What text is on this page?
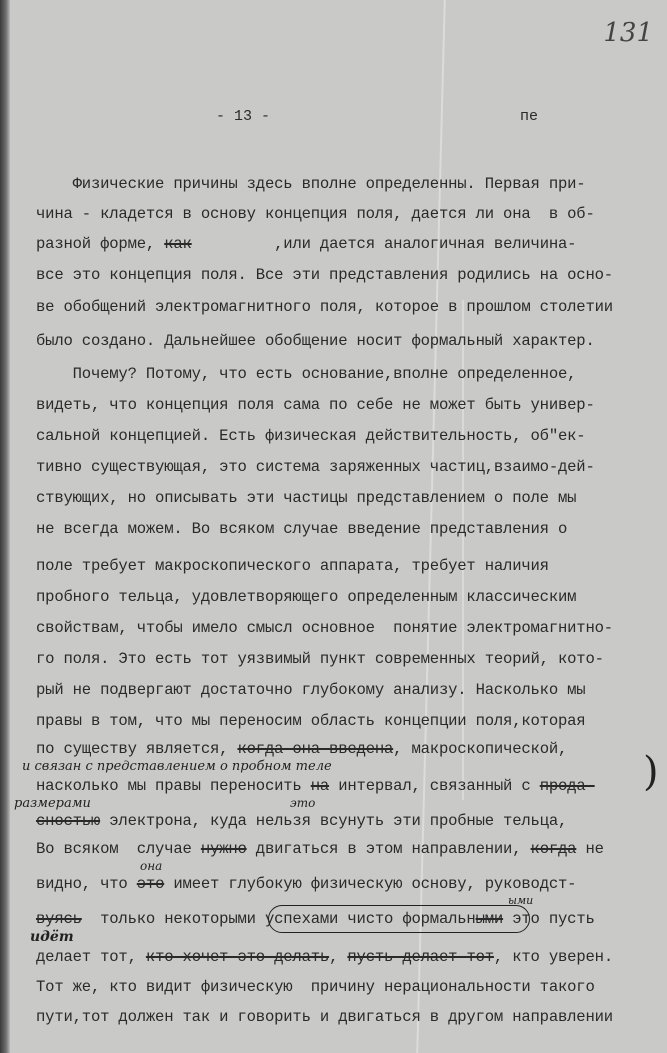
131
- 13 -	пе
Физические причины здесь вполне определенны. Первая при-
чина - кладется в основу концепция поля, дается ли она  в об-
разной форме, как         ,или дается аналогичная величина-
все это концепция поля. Все эти представления родились на осно-
ве обобщений электромагнитного поля, которое в прошлом столетии
было создано. Дальнейшее обобщение носит формальный характер.
Почему? Потому, что есть основание,вполне определенное,
видеть, что концепция поля сама по себе не может быть универ-
сальной концепцией. Есть физическая действительность, об"ек-
тивно существующая, это система заряженных частиц,взаимо-дей-
ствующих, но описывать эти частицы представлением о поле мы
не всегда можем. Во всяком случае введение представления о
поле требует макроскопического аппарата, требует наличия
пробного тельца, удовлетворяющего определенным классическим
свойствам, чтобы имело смысл основное  понятие электромагнитно-
го поля. Это есть тот уязвимый пункт современных теорий, кото-
рый не подвергают достаточно глубокому анализу. Насколько мы
правы в том, что мы переносим область концепции поля,которая
по существу является, когда она введена, макроскопической,
насколько мы правы переносить на интервал, связанный с прода-
сностью электрона, куда нельзя всунуть эти пробные тельца,
Во всяком  случае нужно двигаться в этом направлении, когда не
видно, что это имеет глубокую физическую основу, руководст-
вуясь  только некоторыми успехами чисто формальными это пусть
делает тот, кто хочет это делать, пусть делает тот, кто уверен.
Тот же, кто видит физическую  причину нерациональности такого
пути,тот должен так и говорить и двигаться в другом направлении
и связан с представлением о пробном теле
размерами	это
она
идёт
ыми
)
